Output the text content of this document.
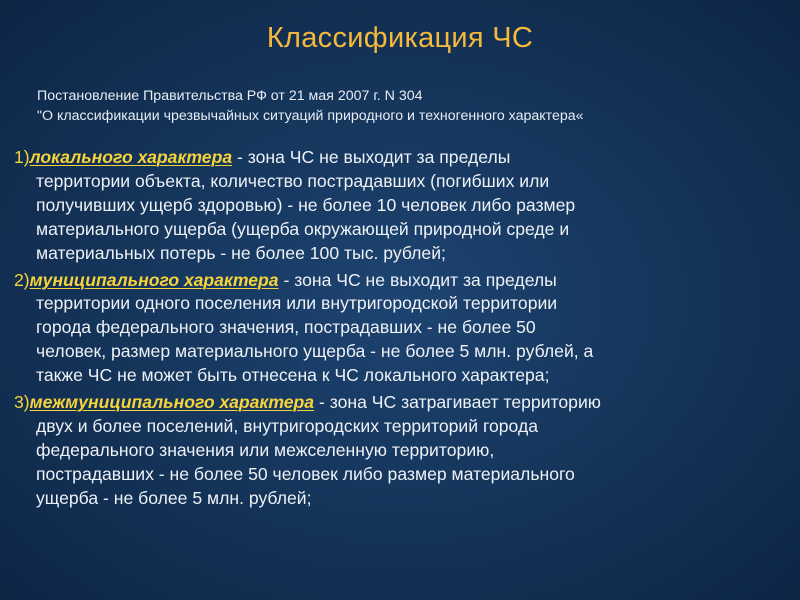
Классификация ЧС
Постановление Правительства РФ от 21 мая 2007 г. N 304
"О классификации чрезвычайных ситуаций природного и техногенного характера«
1)локального характера - зона ЧС не выходит за пределы
территории объекта, количество пострадавших (погибших или
получивших ущерб здоровью) - не более 10 человек либо размер
материального ущерба (ущерба окружающей природной среде и
материальных потерь - не более 100 тыс. рублей;
2)муниципального характера - зона ЧС не выходит за пределы
территории одного поселения или внутригородской территории
города федерального значения, пострадавших - не более 50
человек, размер материального ущерба - не более 5 млн. рублей, а
также ЧС не может быть отнесена к ЧС локального характера;
3)межмуниципального характера - зона ЧС затрагивает территорию
двух и более поселений, внутригородских территорий города
федерального значения или межселенную территорию,
пострадавших - не более 50 человек либо размер материального
ущерба - не более 5 млн. рублей;
